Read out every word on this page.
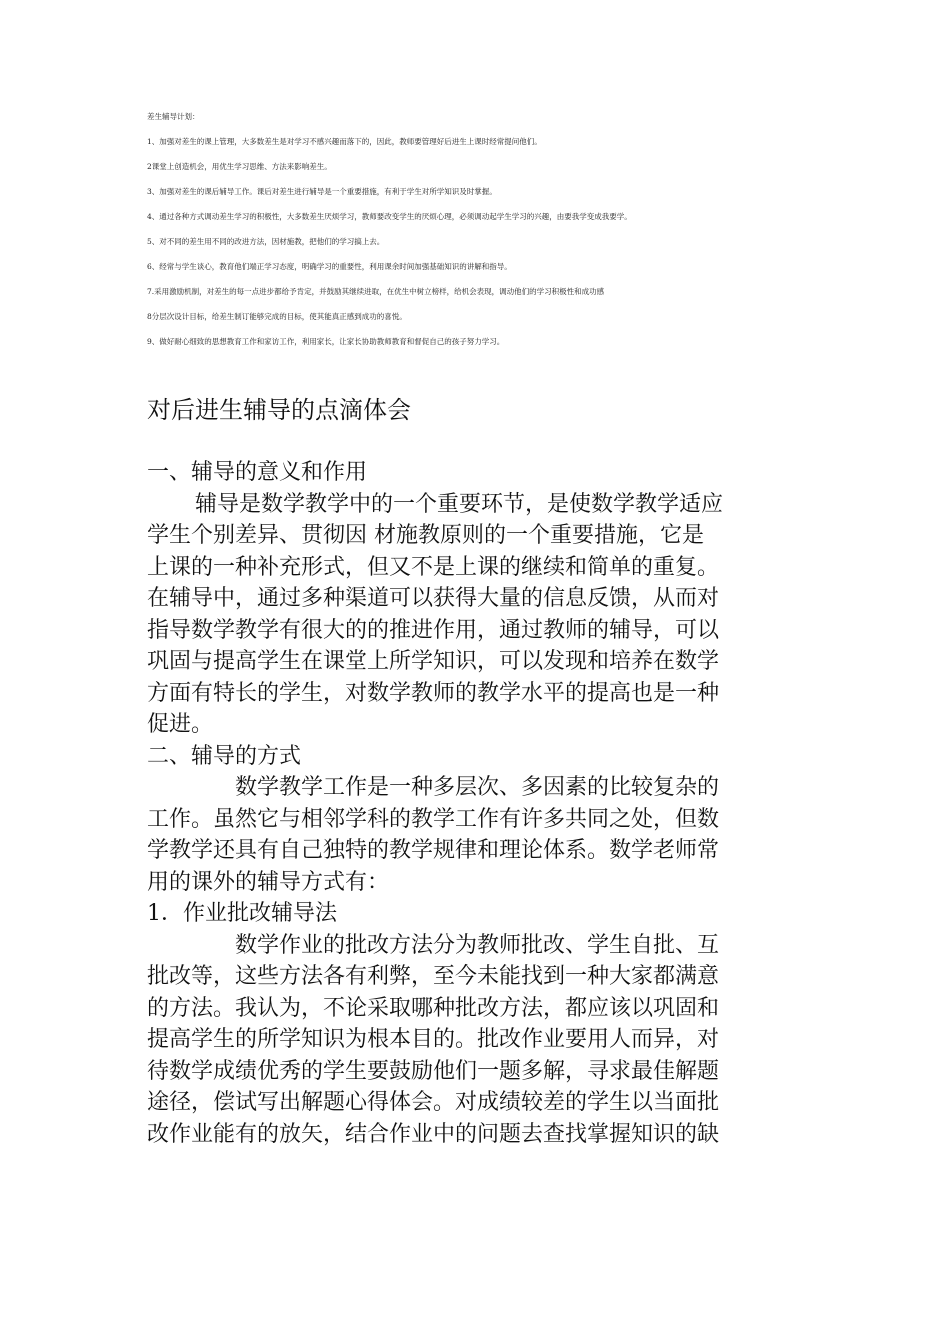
差生辅导计划：

1、加强对差生的课上管理，大多数差生是对学习不感兴趣而落下的，因此，教师要管理好后进生上课时经常提问他们。

2课堂上创造机会，用优生学习思维、方法来影响差生。

3、加强对差生的课后辅导工作。课后对差生进行辅导是一个重要措施，有利于学生对所学知识及时掌握。

4、通过各种方式调动差生学习的积极性，大多数差生厌烦学习，教师要改变学生的厌烦心理，必须调动起学生学习的兴趣，由要我学变成我要学。

5、对不同的差生用不同的改进方法，因材施教，把他们的学习搞上去。

6、经常与学生谈心，教育他们端正学习态度，明确学习的重要性，利用课余时间加强基础知识的讲解和指导。

7.采用激励机制，对差生的每一点进步都给予肯定，并鼓励其继续进取，在优生中树立榜样，给机会表现，调动他们的学习积极性和成功感

8分层次设计目标，给差生制订能够完成的目标，使其能真正感到成功的喜悦。

9、做好耐心细致的思想教育工作和家访工作，利用家长，让家长协助教师教育和督促自己的孩子努力学习。

对后进生辅导的点滴体会
一、辅导的意义和作用
辅导是数学教学中的一个重要环节，是使数学教学适应
学生个别差异、贯彻因 材施教原则的一个重要措施，它是
上课的一种补充形式，但又不是上课的继续和简单的重复。
在辅导中，通过多种渠道可以获得大量的信息反馈，从而对
指导数学教学有很大的的推进作用，通过教师的辅导，可以
巩固与提高学生在课堂上所学知识，可以发现和培养在数学
方面有特长的学生，对数学教师的教学水平的提高也是一种
促进。
二、辅导的方式
数学教学工作是一种多层次、多因素的比较复杂的
工作。虽然它与相邻学科的教学工作有许多共同之处，但数
学教学还具有自己独特的教学规律和理论体系。数学老师常
用的课外的辅导方式有：
1．作业批改辅导法
数学作业的批改方法分为教师批改、学生自批、互
批改等，这些方法各有利弊，至今未能找到一种大家都满意
的方法。我认为，不论采取哪种批改方法，都应该以巩固和
提高学生的所学知识为根本目的。批改作业要用人而异，对
待数学成绩优秀的学生要鼓励他们一题多解，寻求最佳解题
途径，偿试写出解题心得体会。对成绩较差的学生以当面批
改作业能有的放矢，结合作业中的问题去查找掌握知识的缺
